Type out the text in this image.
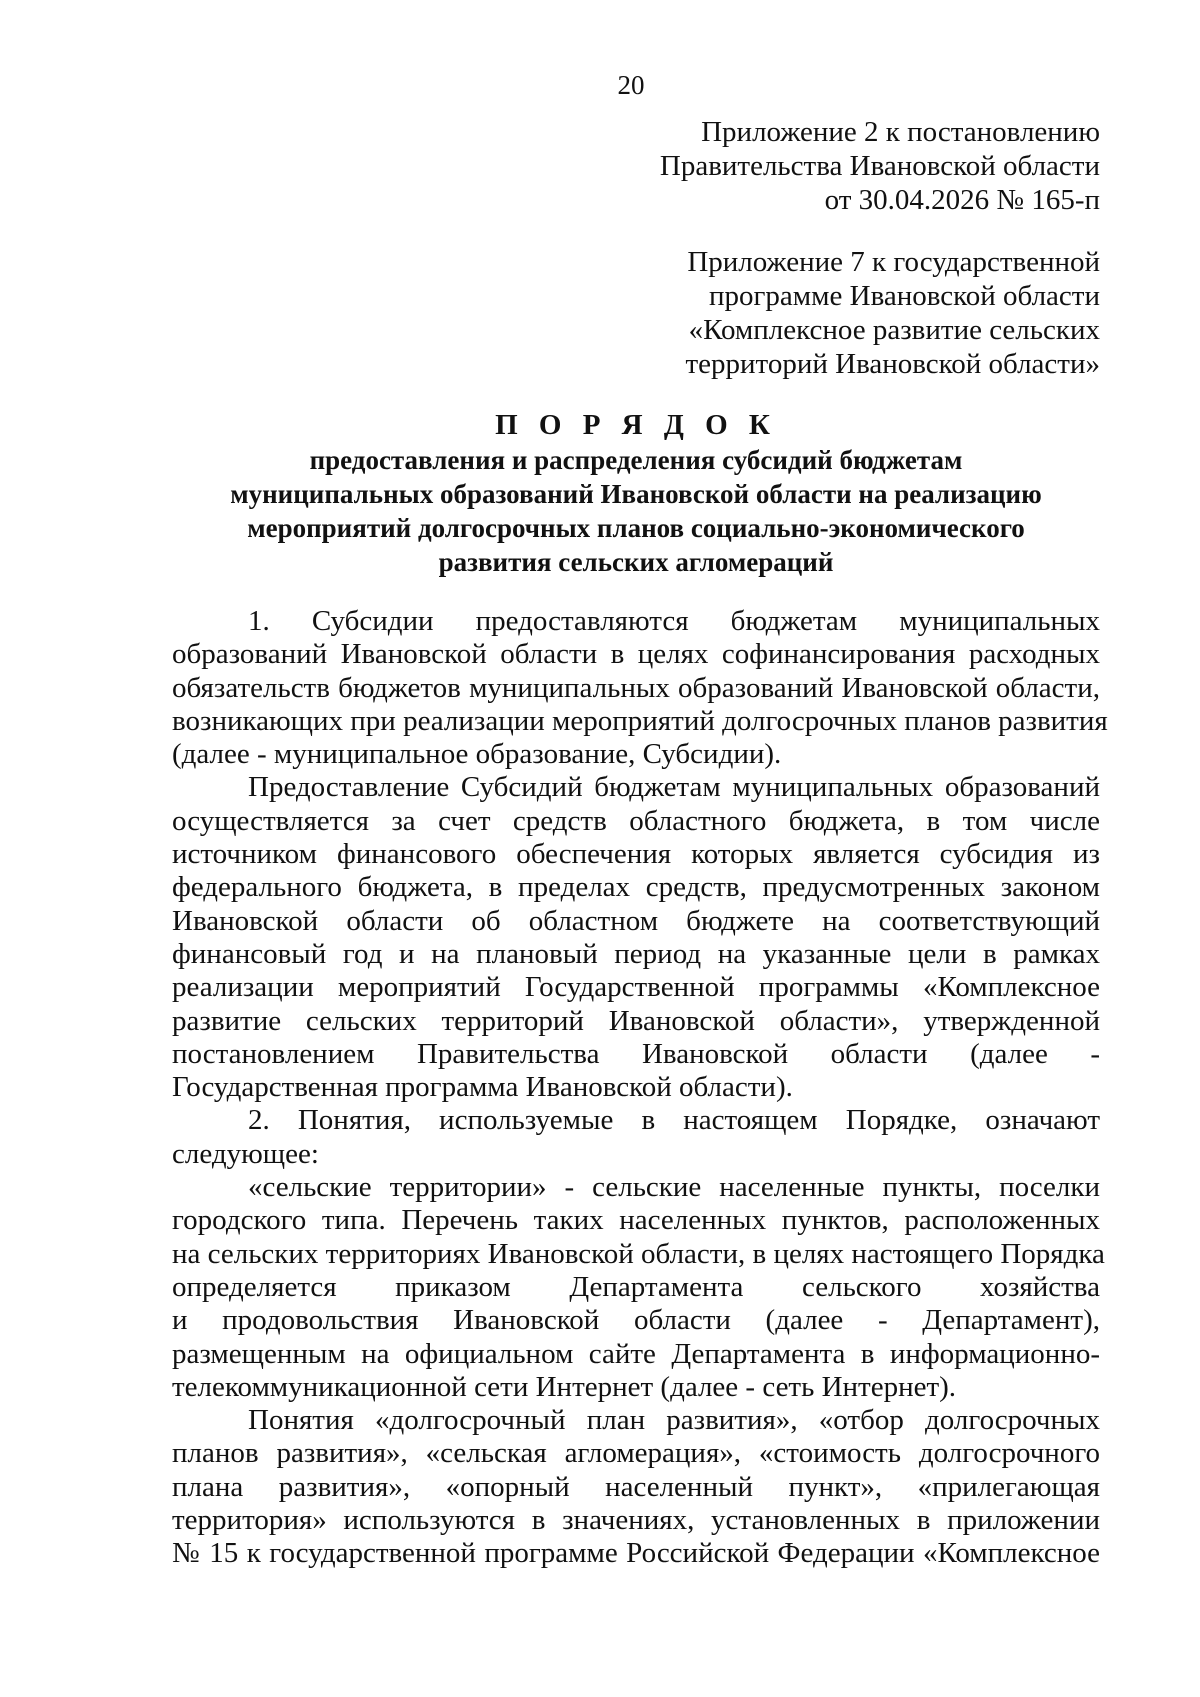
20
Приложение 2 к постановлению
Правительства Ивановской области
от 30.04.2026 № 165-п
Приложение 7 к государственной
программе Ивановской области
«Комплексное развитие сельских
территорий Ивановской области»
П О Р Я Д О К
предоставления и распределения субсидий бюджетам
муниципальных образований Ивановской области на реализацию
мероприятий долгосрочных планов социально-экономического
развития сельских агломераций

1. Субсидии предоставляются бюджетам муниципальных
образований Ивановской области в целях софинансирования расходных
обязательств бюджетов муниципальных образований Ивановской области,
возникающих при реализации мероприятий долгосрочных планов развития
(далее - муниципальное образование, Субсидии).

Предоставление Субсидий бюджетам муниципальных образований
осуществляется за счет средств областного бюджета, в том числе
источником финансового обеспечения которых является субсидия из
федерального бюджета, в пределах средств, предусмотренных законом
Ивановской области об областном бюджете на соответствующий
финансовый год и на плановый период на указанные цели в рамках
реализации мероприятий Государственной программы «Комплексное
развитие сельских территорий Ивановской области», утвержденной
постановлением Правительства Ивановской области (далее -
Государственная программа Ивановской области).

2. Понятия, используемые в настоящем Порядке, означают
следующее:

«сельские территории» - сельские населенные пункты, поселки
городского типа. Перечень таких населенных пунктов, расположенных
на сельских территориях Ивановской области, в целях настоящего Порядка
определяется приказом Департамента сельского хозяйства
и продовольствия Ивановской области (далее - Департамент),
размещенным на официальном сайте Департамента в информационно-
телекоммуникационной сети Интернет (далее - сеть Интернет).

Понятия «долгосрочный план развития», «отбор долгосрочных
планов развития», «сельская агломерация», «стоимость долгосрочного
плана развития», «опорный населенный пункт», «прилегающая
территория» используются в значениях, установленных в приложении
№ 15 к государственной программе Российской Федерации «Комплексное
